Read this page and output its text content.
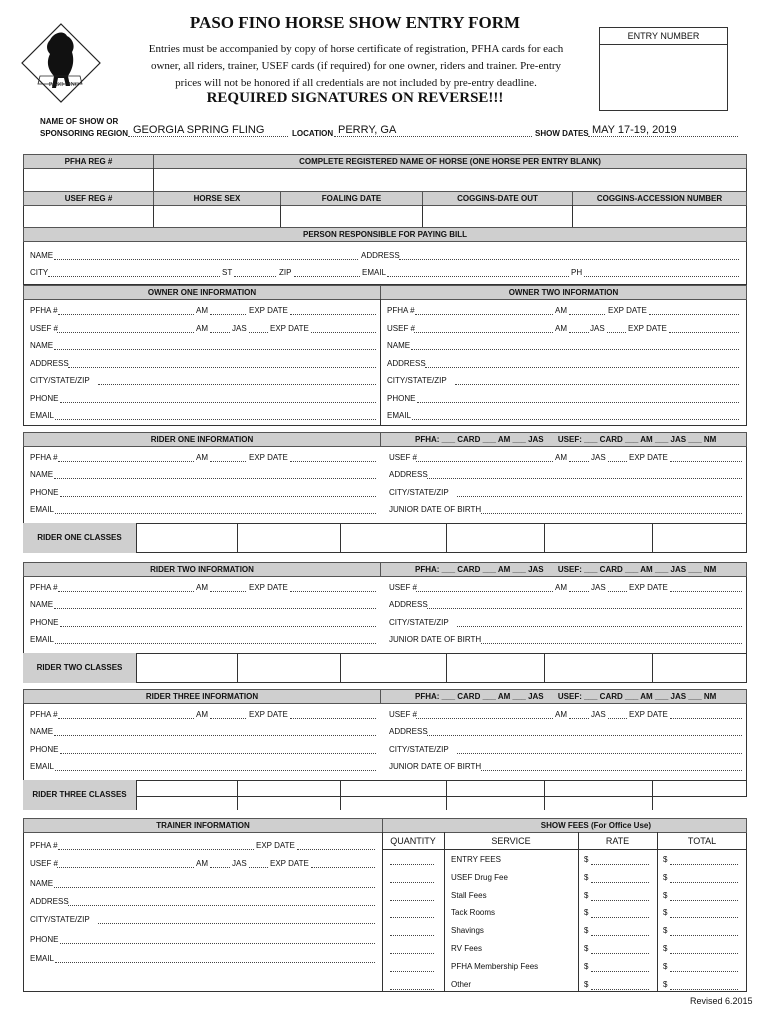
PASO FINO
PASO FINO HORSE SHOW ENTRY FORM
Entries must be accompanied by copy of horse certificate of registration, PFHA cards for each
owner, all riders, trainer, USEF cards (if required) for one owner, riders and trainer. Pre-entry
prices will not be honored if all credentials are not included by pre-entry deadline.
REQUIRED SIGNATURES ON REVERSE!!!
ENTRY NUMBER
NAME OF SHOW OR
SPONSORING REGION GEORGIA SPRING FLING	LOCATION PERRY, GA	SHOW DATES MAY 17-19, 2019
PFHA REG #	COMPLETE REGISTERED NAME OF HORSE (ONE HORSE PER ENTRY BLANK)
USEF REG #	HORSE SEX	FOALING DATE	COGGINS-DATE OUT	COGGINS-ACCESSION NUMBER
PERSON RESPONSIBLE FOR PAYING BILL
NAME	ADDRESS
CITY	ST	ZIP	EMAIL	PH
OWNER ONE INFORMATION	OWNER TWO INFORMATION
PFHA #	AM	EXP DATE
USEF #	AM	JAS	EXP DATE
NAME
ADDRESS
CITY/STATE/ZIP
PHONE
EMAIL
PFHA #	AM	EXP DATE
USEF #	AM	JAS	EXP DATE
NAME
ADDRESS
CITY/STATE/ZIP
PHONE
EMAIL
RIDER ONE INFORMATION	PFHA: ___ CARD ___ AM ___ JAS USEF: ___ CARD ___ AM ___ JAS ___ NM
PFHA #	AM	EXP DATE
NAME
PHONE
EMAIL
USEF #	AM	JAS	EXP DATE
ADDRESS
CITY/STATE/ZIP
JUNIOR DATE OF BIRTH
RIDER ONE CLASSES
RIDER TWO INFORMATION	PFHA: ___ CARD ___ AM ___ JAS USEF: ___ CARD ___ AM ___ JAS ___ NM
PFHA #	AM	EXP DATE
NAME
PHONE
EMAIL
USEF #	AM	JAS	EXP DATE
ADDRESS
CITY/STATE/ZIP
JUNIOR DATE OF BIRTH
RIDER TWO CLASSES
RIDER THREE INFORMATION	PFHA: ___ CARD ___ AM ___ JAS USEF: ___ CARD ___ AM ___ JAS ___ NM
PFHA #	AM	EXP DATE
NAME
PHONE
EMAIL
USEF #	AM	JAS	EXP DATE
ADDRESS
CITY/STATE/ZIP
JUNIOR DATE OF BIRTH
RIDER THREE CLASSES
TRAINER INFORMATION	SHOW FEES (For Office Use)
PFHA #	EXP DATE
USEF #	AM	JAS	EXP DATE
NAME
ADDRESS
CITY/STATE/ZIP
PHONE
EMAIL
QUANTITY	SERVICE	RATE	TOTAL
ENTRY FEES	$	$
USEF Drug Fee	$	$
Stall Fees	$	$
Tack Rooms	$	$
Shavings	$	$
RV Fees	$	$
PFHA Membership Fees	$	$
Other	$	$
Revised 6.2015
